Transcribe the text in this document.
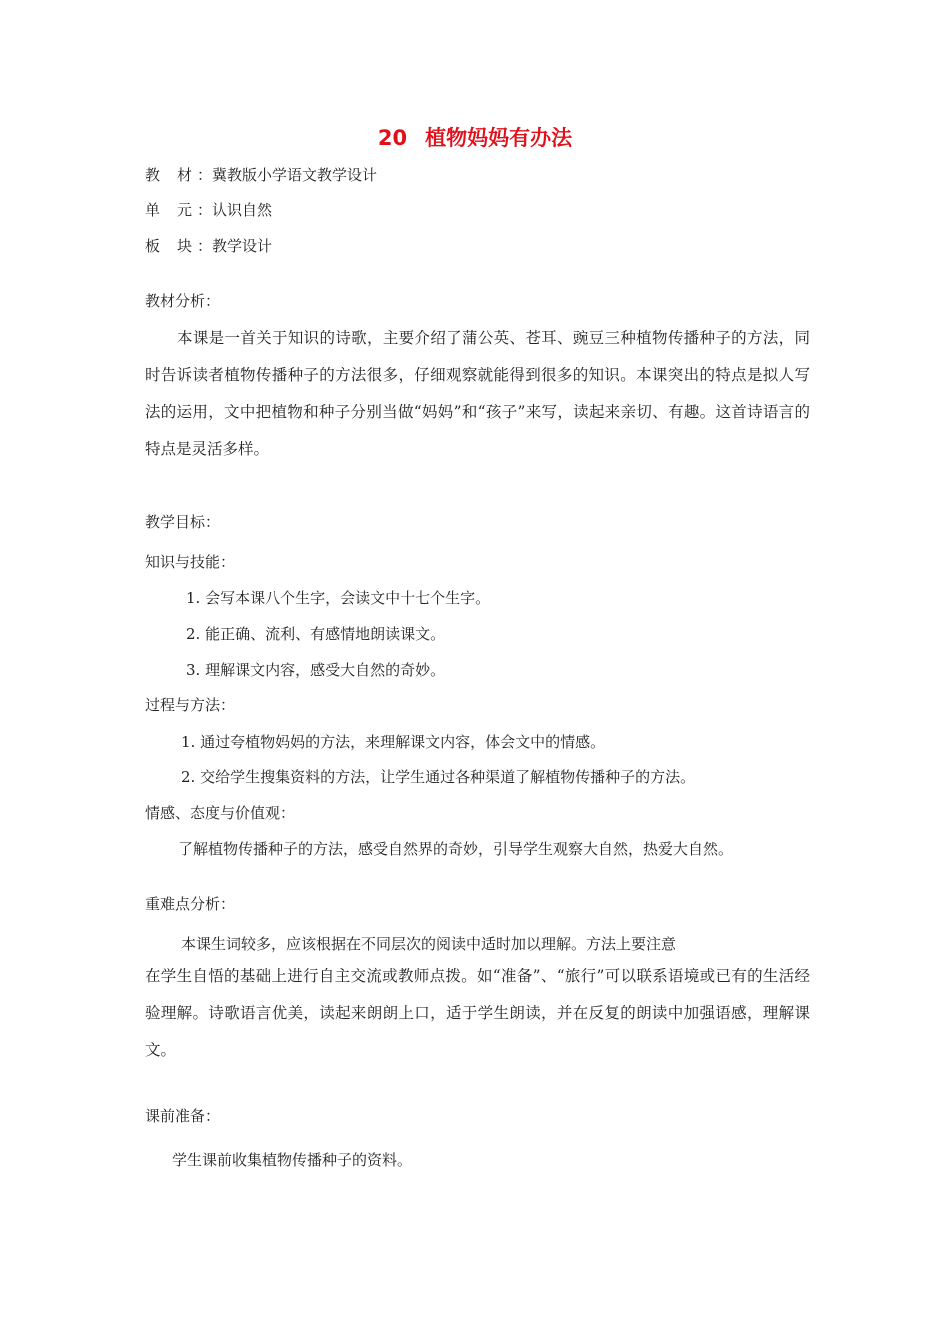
20 植物妈妈有办法
教 材 ：冀教版小学语文教学设计
单 元 ：认识自然
板 块 ：教学设计
教材分析：
本课是一首关于知识的诗歌，主要介绍了蒲公英、苍耳、豌豆三种植物传播种子的方法，同时告诉读者植物传播种子的方法很多，仔细观察就能得到很多的知识。本课突出的特点是拟人写法的运用，文中把植物和种子分别当做“妈妈”和“孩子”来写，读起来亲切、有趣。这首诗语言的特点是灵活多样。
教学目标：
知识与技能：
1. 会写本课八个生字，会读文中十七个生字。
2. 能正确、流利、有感情地朗读课文。
3. 理解课文内容，感受大自然的奇妙。
过程与方法：
1. 通过夸植物妈妈的方法，来理解课文内容，体会文中的情感。
2. 交给学生搜集资料的方法，让学生通过各种渠道了解植物传播种子的方法。
情感、态度与价值观：
了解植物传播种子的方法，感受自然界的奇妙，引导学生观察大自然，热爱大自然。
重难点分析：
本课生词较多，应该根据在不同层次的阅读中适时加以理解。方法上要注意
在学生自悟的基础上进行自主交流或教师点拨。如“准备”、“旅行”可以联系语境或已有的生活经验理解。诗歌语言优美，读起来朗朗上口，适于学生朗读，并在反复的朗读中加强语感，理解课文。
课前准备：
学生课前收集植物传播种子的资料。
